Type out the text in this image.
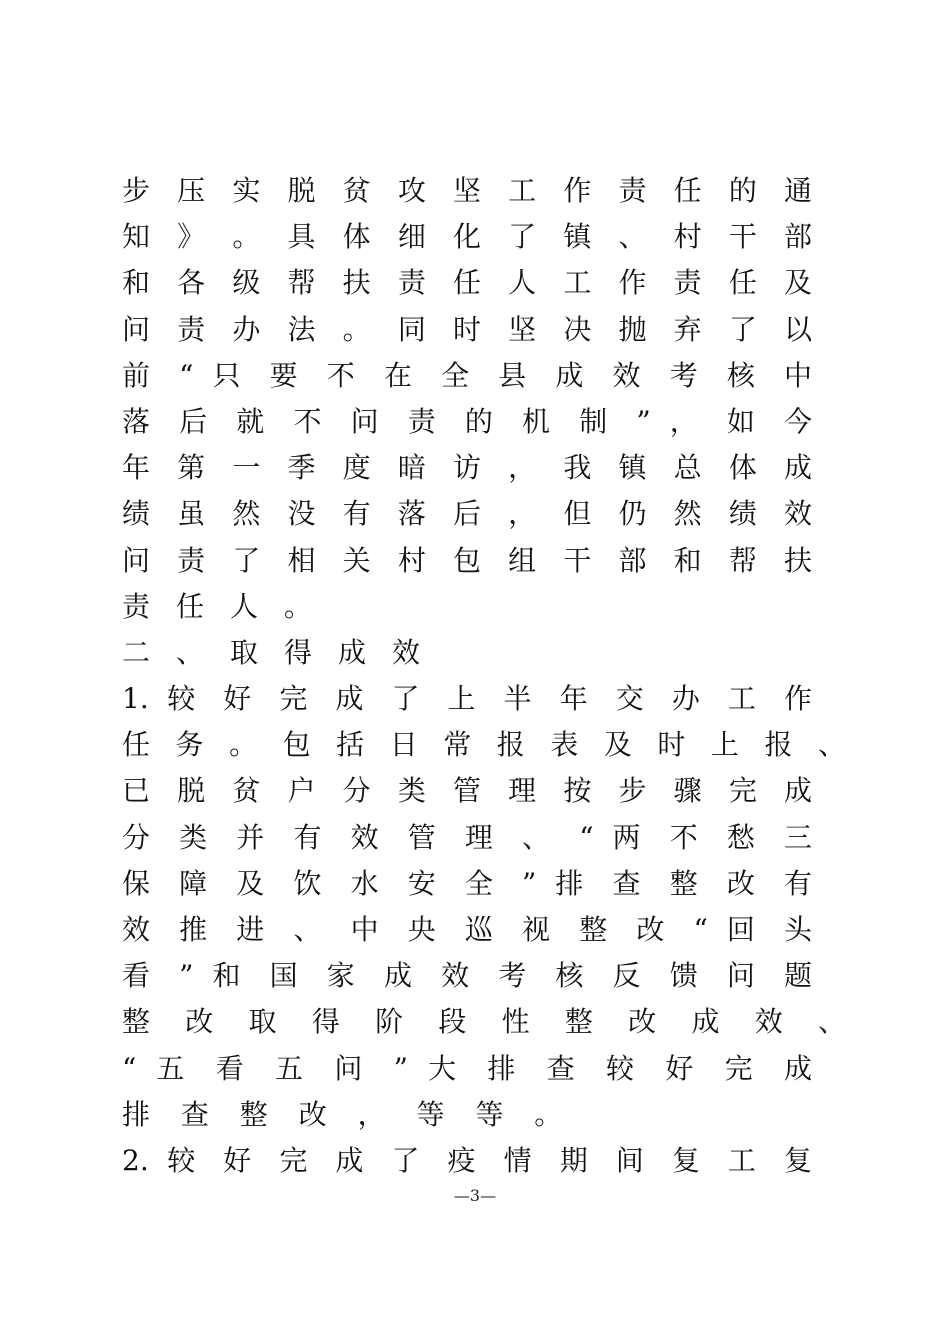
步 压 实 脱 贫 攻 坚 工 作 责 任 的 通
知 》 。 具 体 细 化 了 镇 、 村 干 部
和 各 级 帮 扶 责 任 人 工 作 责 任 及
问 责 办 法 。 同 时 坚 决 抛 弃 了 以
前 “ 只 要 不 在 全 县 成 效 考 核 中
落 后 就 不 问 责 的 机 制 ” ， 如 今
年 第 一 季 度 暗 访 ， 我 镇 总 体 成
绩 虽 然 没 有 落 后 ， 但 仍 然 绩 效
问 责 了 相 关 村 包 组 干 部 和 帮 扶
责任人。
二、取得成效
1. 较 好 完 成 了 上 半 年 交 办 工 作
任 务 。 包 括 日 常 报 表 及 时 上 报 、
已 脱 贫 户 分 类 管 理 按 步 骤 完 成
分 类 并 有 效 管 理 、 “ 两 不 愁 三
保 障 及 饮 水 安 全 ” 排 查 整 改 有
效 推 进 、 中 央 巡 视 整 改 “ 回 头
看 ” 和 国 家 成 效 考 核 反 馈 问 题
整 改 取 得 阶 段 性 整 改 成 效 、
“ 五 看 五 问 ” 大 排 查 较 好 完 成
排 查 整 改 ， 等 等 。
2. 较 好 完 成 了 疫 情 期 间 复 工 复
—3—
